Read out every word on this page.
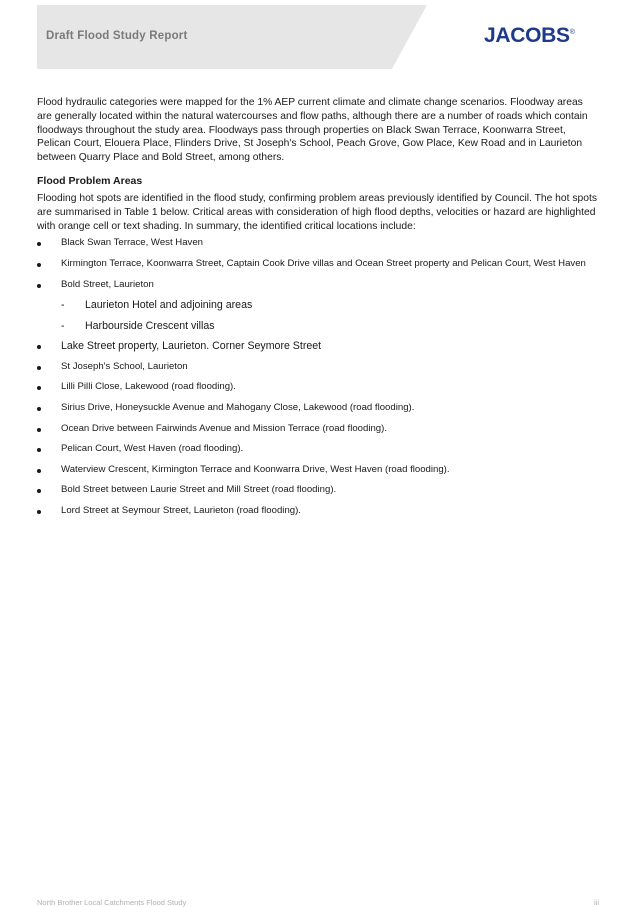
Draft Flood Study Report	JACOBS®

Flood hydraulic categories were mapped for the 1% AEP current climate and climate change scenarios. Floodway areas are generally located within the natural watercourses and flow paths, although there are a number of roads which contain floodways throughout the study area. Floodways pass through properties on Black Swan Terrace, Koonwarra Street, Pelican Court, Elouera Place, Flinders Drive, St Joseph's School, Peach Grove, Gow Place, Kew Road and in Laurieton between Quarry Place and Bold Street, among others.

Flood Problem Areas

Flooding hot spots are identified in the flood study, confirming problem areas previously identified by Council. The hot spots are summarised in Table 1 below. Critical areas with consideration of high flood depths, velocities or hazard are highlighted with orange cell or text shading. In summary, the identified critical locations include:

Black Swan Terrace, West Haven
Kirmington Terrace, Koonwarra Street, Captain Cook Drive villas and Ocean Street property and Pelican Court, West Haven
Bold Street, Laurieton
- Laurieton Hotel and adjoining areas
- Harbourside Crescent villas
Lake Street property, Laurieton. Corner Seymore Street
St Joseph's School, Laurieton
Lilli Pilli Close, Lakewood (road flooding).
Sirius Drive, Honeysuckle Avenue and Mahogany Close, Lakewood (road flooding).
Ocean Drive between Fairwinds Avenue and Mission Terrace (road flooding).
Pelican Court, West Haven (road flooding).
Waterview Crescent, Kirmington Terrace and Koonwarra Drive, West Haven (road flooding).
Bold Street between Laurie Street and Mill Street (road flooding).
Lord Street at Seymour Street, Laurieton (road flooding).
North Brother Local Catchments Flood Study	iii
